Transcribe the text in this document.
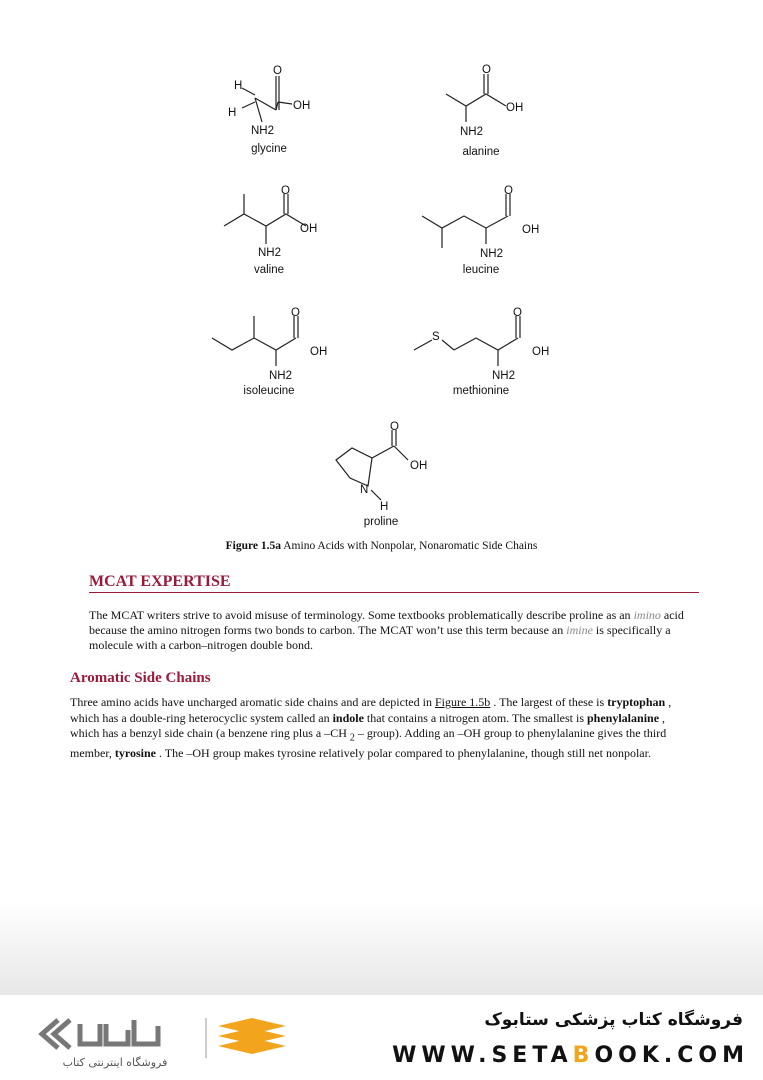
O
OH
NH2
H
H
glycine
O
OH
NH2
alanine
O
OH
NH2
valine
O
OH
NH2
leucine
O
OH
NH2
isoleucine
S
O
OH
NH2
methionine
O
OH
N
H
proline
Figure 1.5a Amino Acids with Nonpolar, Nonaromatic Side Chains
MCAT EXPERTISE
The MCAT writers strive to avoid misuse of terminology. Some textbooks problematically describe proline as an imino acid because the amino nitrogen forms two bonds to carbon. The MCAT won’t use this term because an imine is specifically a molecule with a carbon–nitrogen double bond.
Aromatic Side Chains
Three amino acids have uncharged aromatic side chains and are depicted in Figure 1.5b . The largest of these is tryptophan , which has a double-ring heterocyclic system called an indole that contains a nitrogen atom. The smallest is phenylalanine , which has a benzyl side chain (a benzene ring plus a –CH $_2$ – group). Adding an –OH group to phenylalanine gives the third member, tyrosine . The –OH group makes tyrosine relatively polar compared to phenylalanine, though still net nonpolar.
فروشگاه اینترنتی کتاب
فروشگاه کتاب پزشکی ستابوک
WWW.SETABOOK.COM
